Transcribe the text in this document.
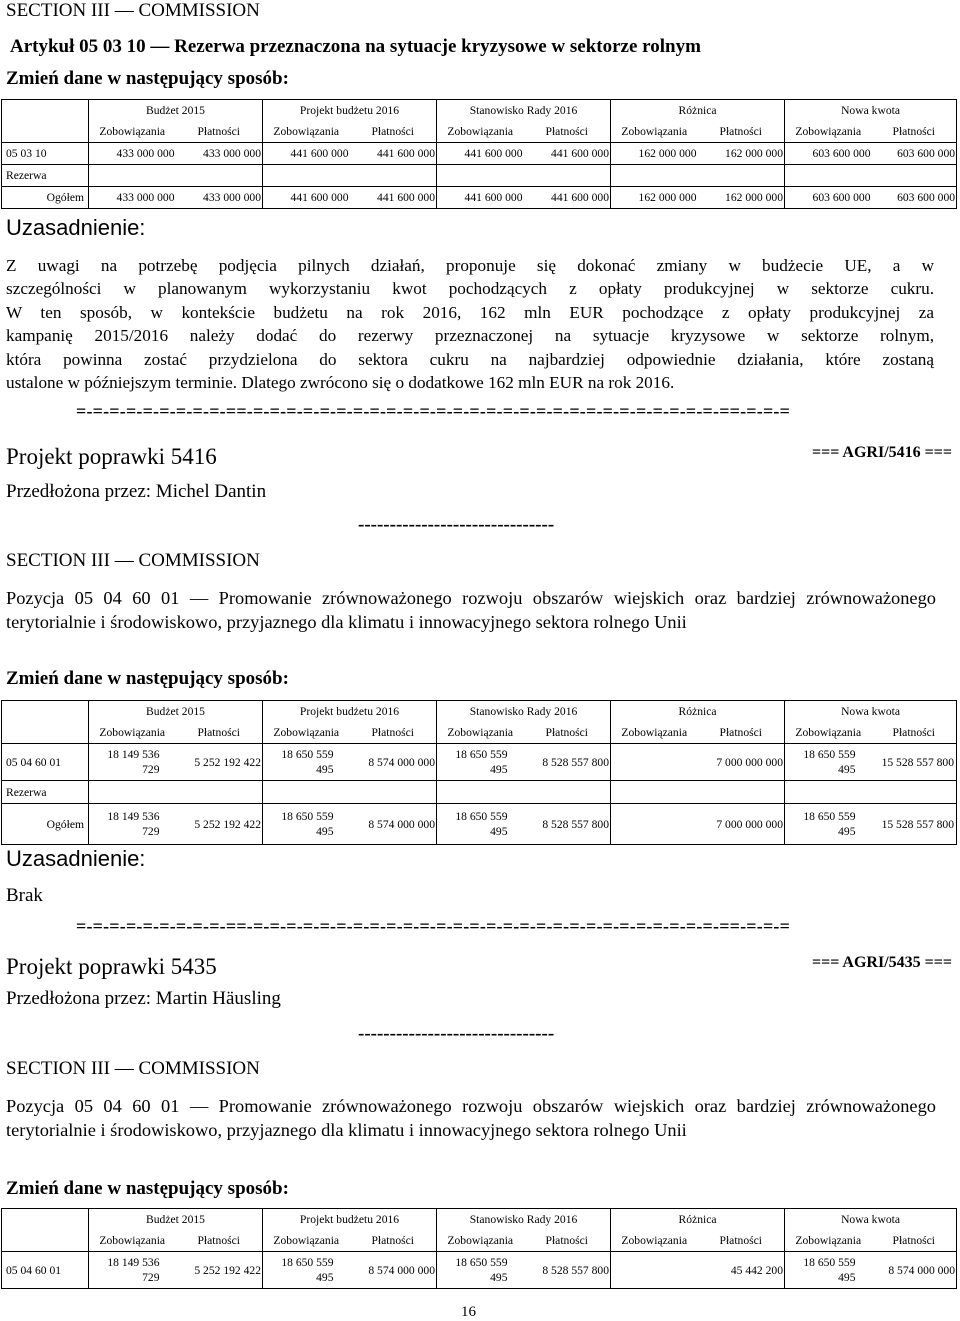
SECTION III — COMMISSION
Artykuł 05 03 10 — Rezerwa przeznaczona na sytuacje kryzysowe w sektorze rolnym
Zmień dane w następujący sposób:
	Budżet 2015		Projekt budżetu 2016		Stanowisko Rady 2016		Różnica		Nowa kwota	
	Zobowiązania	Płatności	Zobowiązania	Płatności	Zobowiązania	Płatności	Zobowiązania	Płatności	Zobowiązania	Płatności
05 03 10	433 000 000	433 000 000	441 600 000	441 600 000	441 600 000	441 600 000	162 000 000	162 000 000	603 600 000	603 600 000
Rezerwa										
Ogółem	433 000 000	433 000 000	441 600 000	441 600 000	441 600 000	441 600 000	162 000 000	162 000 000	603 600 000	603 600 000
Uzasadnienie:
Z uwagi na potrzebę podjęcia pilnych działań, proponuje się dokonać zmiany w budżecie UE, a w
szczególności w planowanym wykorzystaniu kwot pochodzących z opłaty produkcyjnej w sektorze cukru.
W ten sposób, w kontekście budżetu na rok 2016, 162 mln EUR pochodzące z opłaty produkcyjnej za
kampanię 2015/2016 należy dodać do rezerwy przeznaczonej na sytuacje kryzysowe w sektorze rolnym,
która powinna zostać przydzielona do sektora cukru na najbardziej odpowiednie działania, które zostaną
ustalone w późniejszym terminie. Dlatego zwrócono się o dodatkowe 162 mln EUR na rok 2016.
=-=-=-=-=-=-=-=-=-==-=-=-=-=-=-=-=-=-=-=-=-=-=-=-=-=-=-=-=-=-=-=-=-=-=-=-=-=-==-=-=-=
Projekt poprawki 5416	=== AGRI/5416 ===
Przedłożona przez: Michel Dantin
-------------------------------
SECTION III — COMMISSION
Pozycja 05 04 60 01 — Promowanie zrównoważonego rozwoju obszarów wiejskich oraz bardziej zrównoważonego terytorialnie i środowiskowo, przyjaznego dla klimatu i innowacyjnego sektora rolnego Unii
Zmień dane w następujący sposób:
	Budżet 2015		Projekt budżetu 2016		Stanowisko Rady 2016		Różnica		Nowa kwota	
	Zobowiązania	Płatności	Zobowiązania	Płatności	Zobowiązania	Płatności	Zobowiązania	Płatności	Zobowiązania	Płatności
05 04 60 01	18 149 536 729	5 252 192 422	18 650 559 495	8 574 000 000	18 650 559 495	8 528 557 800		7 000 000 000	18 650 559 495	15 528 557 800
Rezerwa										
Ogółem	18 149 536 729	5 252 192 422	18 650 559 495	8 574 000 000	18 650 559 495	8 528 557 800		7 000 000 000	18 650 559 495	15 528 557 800
Uzasadnienie:
Brak
=-=-=-=-=-=-=-=-=-==-=-=-=-=-=-=-=-=-=-=-=-=-=-=-=-=-=-=-=-=-=-=-=-=-=-=-=-=-==-=-=-=
Projekt poprawki 5435	=== AGRI/5435 ===
Przedłożona przez: Martin Häusling
-------------------------------
SECTION III — COMMISSION
Pozycja 05 04 60 01 — Promowanie zrównoważonego rozwoju obszarów wiejskich oraz bardziej zrównoważonego terytorialnie i środowiskowo, przyjaznego dla klimatu i innowacyjnego sektora rolnego Unii
Zmień dane w następujący sposób:
	Budżet 2015		Projekt budżetu 2016		Stanowisko Rady 2016		Różnica		Nowa kwota	
	Zobowiązania	Płatności	Zobowiązania	Płatności	Zobowiązania	Płatności	Zobowiązania	Płatności	Zobowiązania	Płatności
05 04 60 01	18 149 536 729	5 252 192 422	18 650 559 495	8 574 000 000	18 650 559 495	8 528 557 800		45 442 200	18 650 559 495	8 574 000 000
16
